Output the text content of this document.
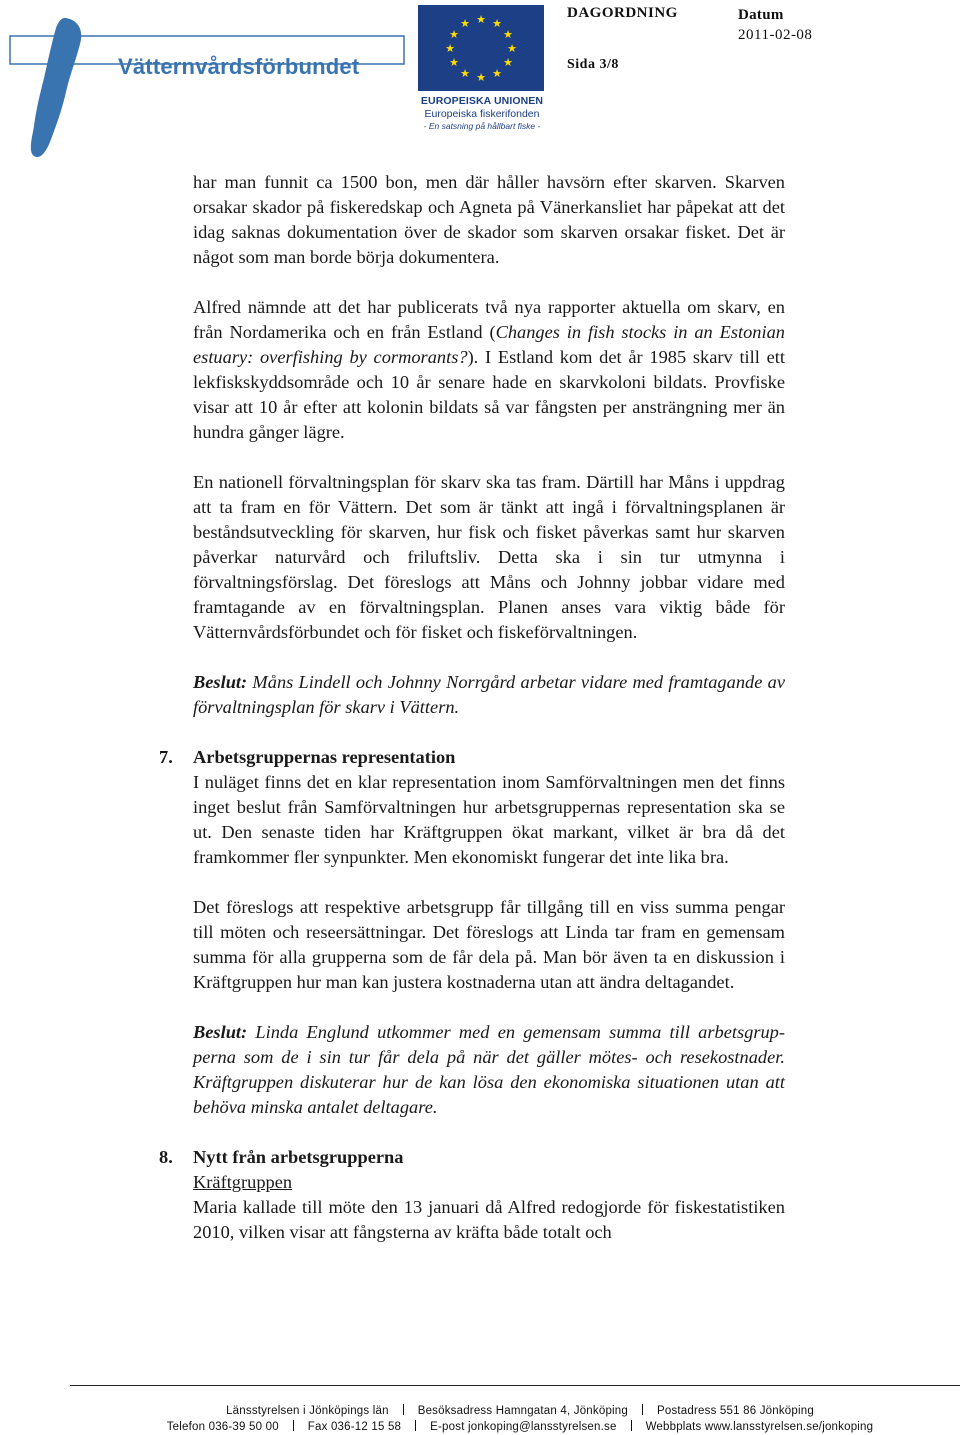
Vätternvårdsförbundet
★ ★
★
★
★
★
★
★
★
★
★
★
EUROPEISKA UNIONEN
Europeiska fiskerifonden
- En satsning på hållbart fiske -
DAGORDNING
Sida 3/8
Datum
2011-02-08

har man funnit ca 1500 bon, men där håller havsörn efter skarven. Skarven orsakar skador på fiskeredskap och Agneta på Vänerkansliet har påpekat att det idag saknas dokumentation över de skador som skarven orsakar fisket. Det är något som man borde börja dokumentera.

Alfred nämnde att det har publicerats två nya rapporter aktuella om skarv, en från Nordamerika och en från Estland (Changes in fish stocks in an Estonian estuary: overfishing by cormorants?). I Estland kom det år 1985 skarv till ett lekfiskskyddsområde och 10 år senare hade en skarvkoloni bildats. Provfiske visar att 10 år efter att kolonin bildats så var fångsten per ansträngning mer än hundra gånger lägre.

En nationell förvaltningsplan för skarv ska tas fram. Därtill har Måns i uppdrag att ta fram en för Vättern. Det som är tänkt att ingå i förvaltningsplanen är beståndsutveckling för skarven, hur fisk och fisket påverkas samt hur skarven påverkar naturvård och friluftsliv. Detta ska i sin tur utmynna i förvaltningsförslag. Det föreslogs att Måns och Johnny jobbar vidare med framtagande av en förvaltningsplan. Planen anses vara viktig både för Vätternvårdsförbundet och för fisket och fiskeförvaltningen.

Beslut: Måns Lindell och Johnny Norrgård arbetar vidare med framtagande av förvaltningsplan för skarv i Vättern.

7. Arbetsgruppernas representation

I nuläget finns det en klar representation inom Samförvaltningen men det finns inget beslut från Samförvaltningen hur arbetsgruppernas representation ska se ut. Den senaste tiden har Kräftgruppen ökat markant, vilket är bra då det framkommer fler synpunkter. Men ekonomiskt fungerar det inte lika bra.

Det föreslogs att respektive arbetsgrupp får tillgång till en viss summa pengar till möten och reseersättningar. Det föreslogs att Linda tar fram en gemensam summa för alla grupperna som de får dela på. Man bör även ta en diskussion i Kräftgruppen hur man kan justera kostnaderna utan att ändra deltagandet.

Beslut: Linda Englund utkommer med en gemensam summa till arbetsgrupperna som de i sin tur får dela på när det gäller mötes- och resekostnader. Kräftgruppen diskuterar hur de kan lösa den ekonomiska situationen utan att behöva minska antalet deltagare.

8. Nytt från arbetsgrupperna

Kräftgruppen

Maria kallade till möte den 13 januari då Alfred redogjorde för fiskestatistiken 2010, vilken visar att fångsterna av kräfta både totalt och

Länsstyrelsen i Jönköpings län	Besöksadress Hamngatan 4, Jönköping	Postadress 551 86 Jönköping
Telefon 036-39 50 00	Fax 036-12 15 58	E-post jonkoping@lansstyrelsen.se	Webbplats www.lansstyrelsen.se/jonkoping
